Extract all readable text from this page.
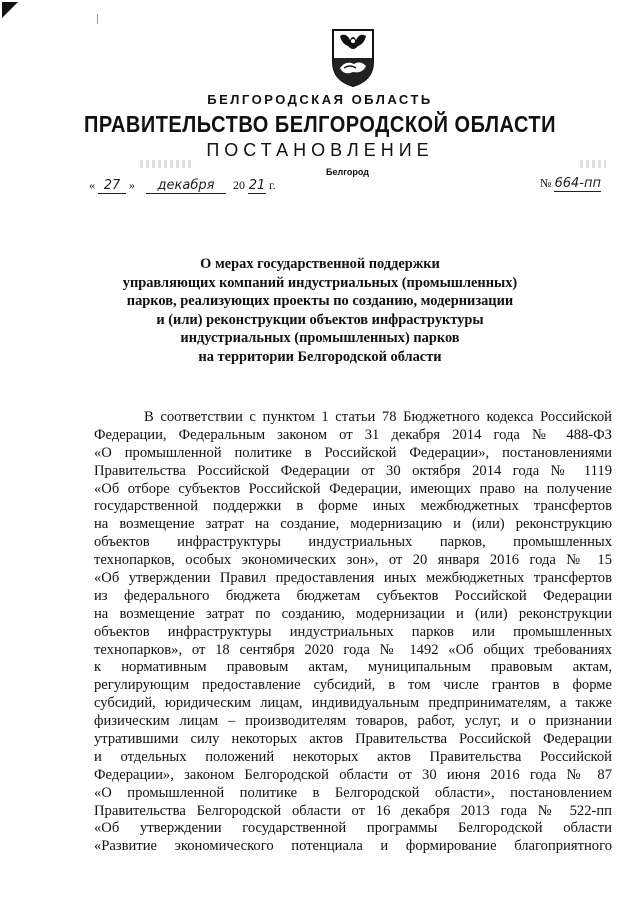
БЕЛГОРОДСКАЯ ОБЛАСТЬ
ПРАВИТЕЛЬСТВО БЕЛГОРОДСКОЙ ОБЛАСТИ
ПОСТАНОВЛЕНИЕ
Белгород
« 27 » декабря 20 21 г.	№ 664-пп
О мерах государственной поддержки
управляющих компаний индустриальных (промышленных)
парков, реализующих проекты по созданию, модернизации
и (или) реконструкции объектов инфраструктуры
индустриальных (промышленных) парков
на территории Белгородской области
В соответствии с пунктом 1 статьи 78 Бюджетного кодекса Российской
Федерации, Федеральным законом от 31 декабря 2014 года № 488-ФЗ
«О промышленной политике в Российской Федерации», постановлениями
Правительства Российской Федерации от 30 октября 2014 года № 1119
«Об отборе субъектов Российской Федерации, имеющих право на получение
государственной поддержки в форме иных межбюджетных трансфертов
на возмещение затрат на создание, модернизацию и (или) реконструкцию
объектов инфраструктуры индустриальных парков, промышленных
технопарков, особых экономических зон», от 20 января 2016 года № 15
«Об утверждении Правил предоставления иных межбюджетных трансфертов
из федерального бюджета бюджетам субъектов Российской Федерации
на возмещение затрат по созданию, модернизации и (или) реконструкции
объектов инфраструктуры индустриальных парков или промышленных
технопарков», от 18 сентября 2020 года № 1492 «Об общих требованиях
к нормативным правовым актам, муниципальным правовым актам,
регулирующим предоставление субсидий, в том числе грантов в форме
субсидий, юридическим лицам, индивидуальным предпринимателям, а также
физическим лицам – производителям товаров, работ, услуг, и о признании
утратившими силу некоторых актов Правительства Российской Федерации
и отдельных положений некоторых актов Правительства Российской
Федерации», законом Белгородской области от 30 июня 2016 года № 87
«О промышленной политике в Белгородской области», постановлением
Правительства Белгородской области от 16 декабря 2013 года № 522-пп
«Об утверждении государственной программы Белгородской области
«Развитие экономического потенциала и формирование благоприятного
